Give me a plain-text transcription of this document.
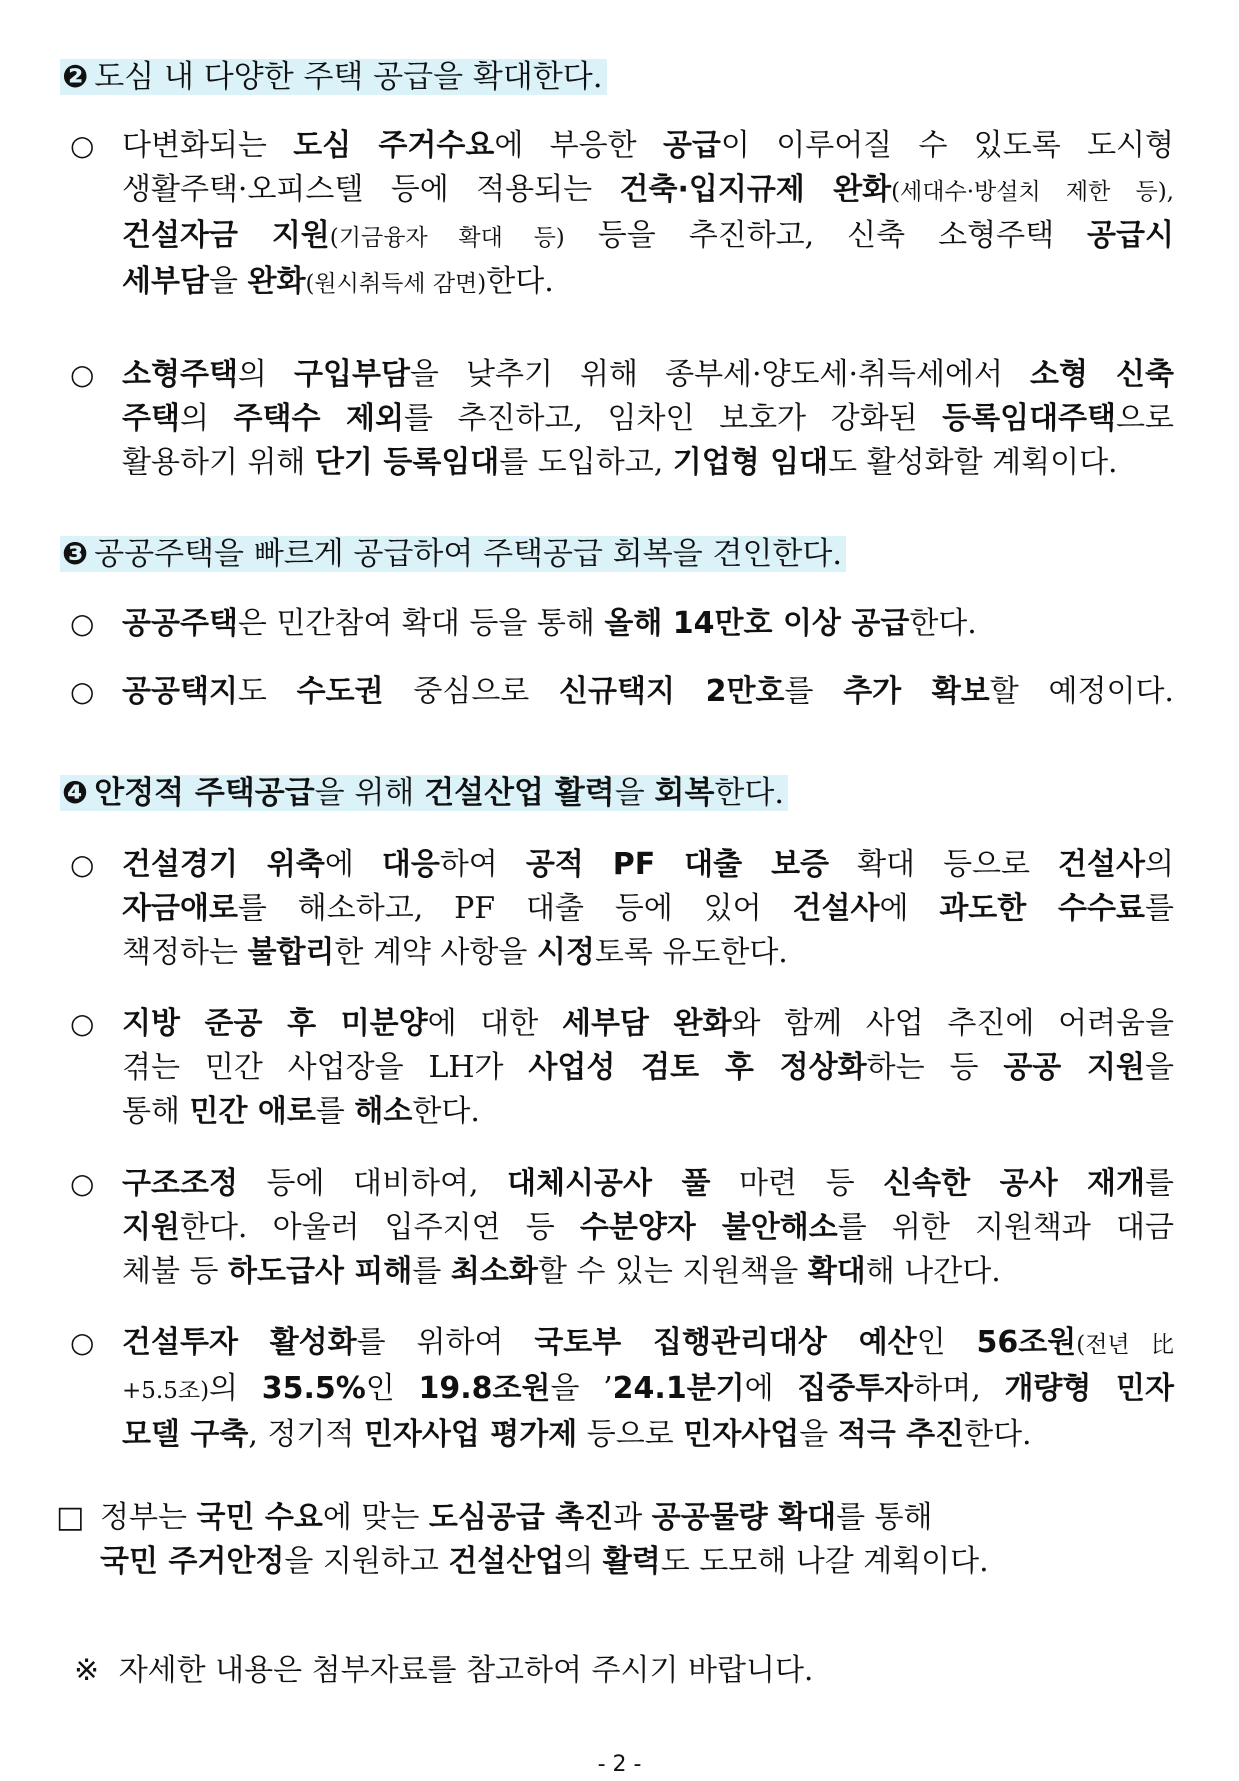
❷ 도심 내 다양한 주택 공급을 확대한다.
○ 다변화되는 도심 주거수요에 부응한 공급이 이루어질 수 있도록 도시형
생활주택·오피스텔 등에 적용되는 건축·입지규제 완화(세대수·방설치 제한 등),
건설자금 지원(기금융자 확대 등) 등을 추진하고, 신축 소형주택 공급시
세부담을 완화(원시취득세 감면)한다.
○ 소형주택의 구입부담을 낮추기 위해 종부세·양도세·취득세에서 소형 신축
주택의 주택수 제외를 추진하고, 임차인 보호가 강화된 등록임대주택으로
활용하기 위해 단기 등록임대를 도입하고, 기업형 임대도 활성화할 계획이다.
❸ 공공주택을 빠르게 공급하여 주택공급 회복을 견인한다.
○ 공공주택은 민간참여 확대 등을 통해 올해 14만호 이상 공급한다.
○ 공공택지도 수도권 중심으로 신규택지 2만호를 추가 확보할 예정이다.
❹ 안정적 주택공급을 위해 건설산업 활력을 회복한다.
○ 건설경기 위축에 대응하여 공적 PF 대출 보증 확대 등으로 건설사의
자금애로를 해소하고, PF 대출 등에 있어 건설사에 과도한 수수료를
책정하는 불합리한 계약 사항을 시정토록 유도한다.
○ 지방 준공 후 미분양에 대한 세부담 완화와 함께 사업 추진에 어려움을
겪는 민간 사업장을 LH가 사업성 검토 후 정상화하는 등 공공 지원을
통해 민간 애로를 해소한다.
○ 구조조정 등에 대비하여, 대체시공사 풀 마련 등 신속한 공사 재개를
지원한다. 아울러 입주지연 등 수분양자 불안해소를 위한 지원책과 대금
체불 등 하도급사 피해를 최소화할 수 있는 지원책을 확대해 나간다.
○ 건설투자 활성화를 위하여 국토부 집행관리대상 예산인 56조원(전년比
+5.5조)의 35.5%인 19.8조원을 ’24.1분기에 집중투자하며, 개량형 민자
모델 구축, 정기적 민자사업 평가제 등으로 민자사업을 적극 추진한다.
□ 정부는 국민 수요에 맞는 도심공급 촉진과 공공물량 확대를 통해
국민 주거안정을 지원하고 건설산업의 활력도 도모해 나갈 계획이다.
※ 자세한 내용은 첨부자료를 참고하여 주시기 바랍니다.
- 2 -
